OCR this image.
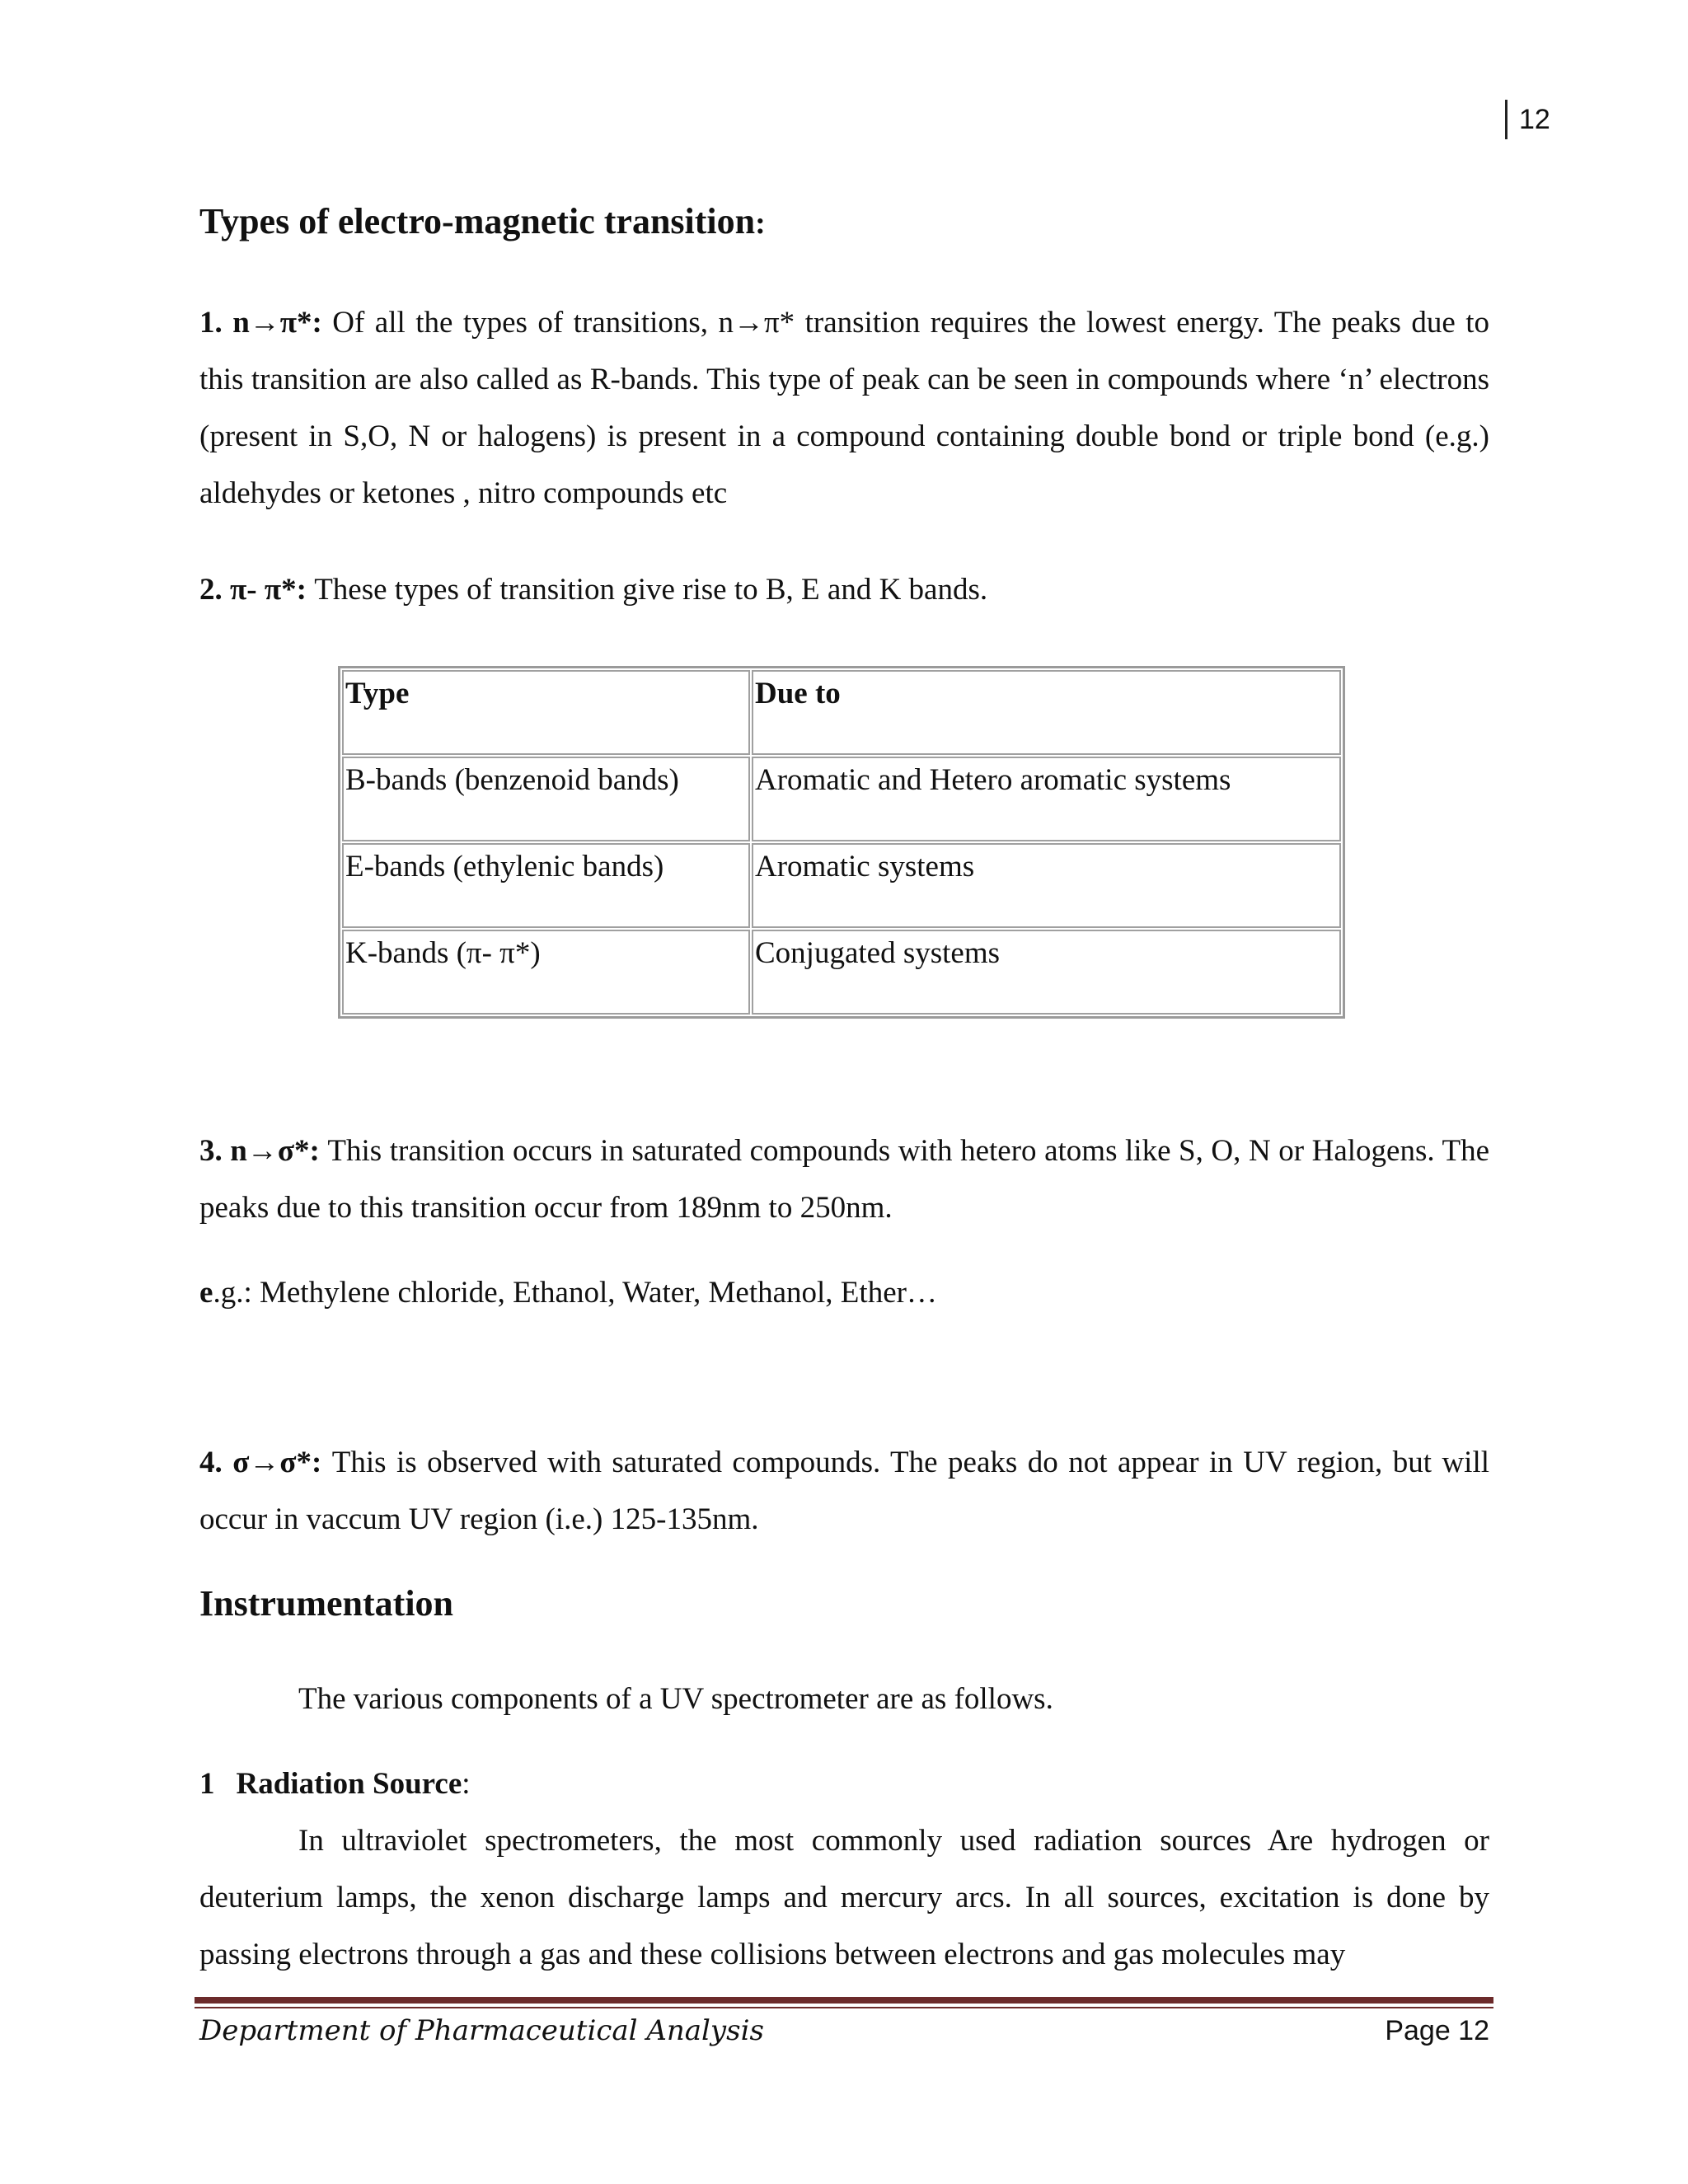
12
Types of electro-magnetic transition:

1. n→π*: Of all the types of transitions, n→π* transition requires the lowest energy. The peaks due to this transition are also called as R-bands. This type of peak can be seen in compounds where ‘n’ electrons (present in S,O, N or halogens) is present in a compound containing double bond or triple bond (e.g.) aldehydes or ketones , nitro compounds etc

2. π- π*: These types of transition give rise to B, E and K bands.

Type	Due to
B-bands (benzenoid bands)	Aromatic and Hetero aromatic systems
E-bands (ethylenic bands)	Aromatic systems
K-bands (π- π*)	Conjugated systems

3. n→σ*: This transition occurs in saturated compounds with hetero atoms like S, O, N or Halogens. The peaks due to this transition occur from 189nm to 250nm.

e.g.: Methylene chloride, Ethanol, Water, Methanol, Ether…

4. σ→σ*: This is observed with saturated compounds. The peaks do not appear in UV region, but will occur in vaccum UV region (i.e.) 125-135nm.

Instrumentation

The various components of a UV spectrometer are as follows.

1 Radiation Source:

In ultraviolet spectrometers, the most commonly used radiation sources Are hydrogen or deuterium lamps, the xenon discharge lamps and mercury arcs. In all sources, excitation is done by passing electrons through a gas and these collisions between electrons and gas molecules may

Department of Pharmaceutical Analysis	Page 12
